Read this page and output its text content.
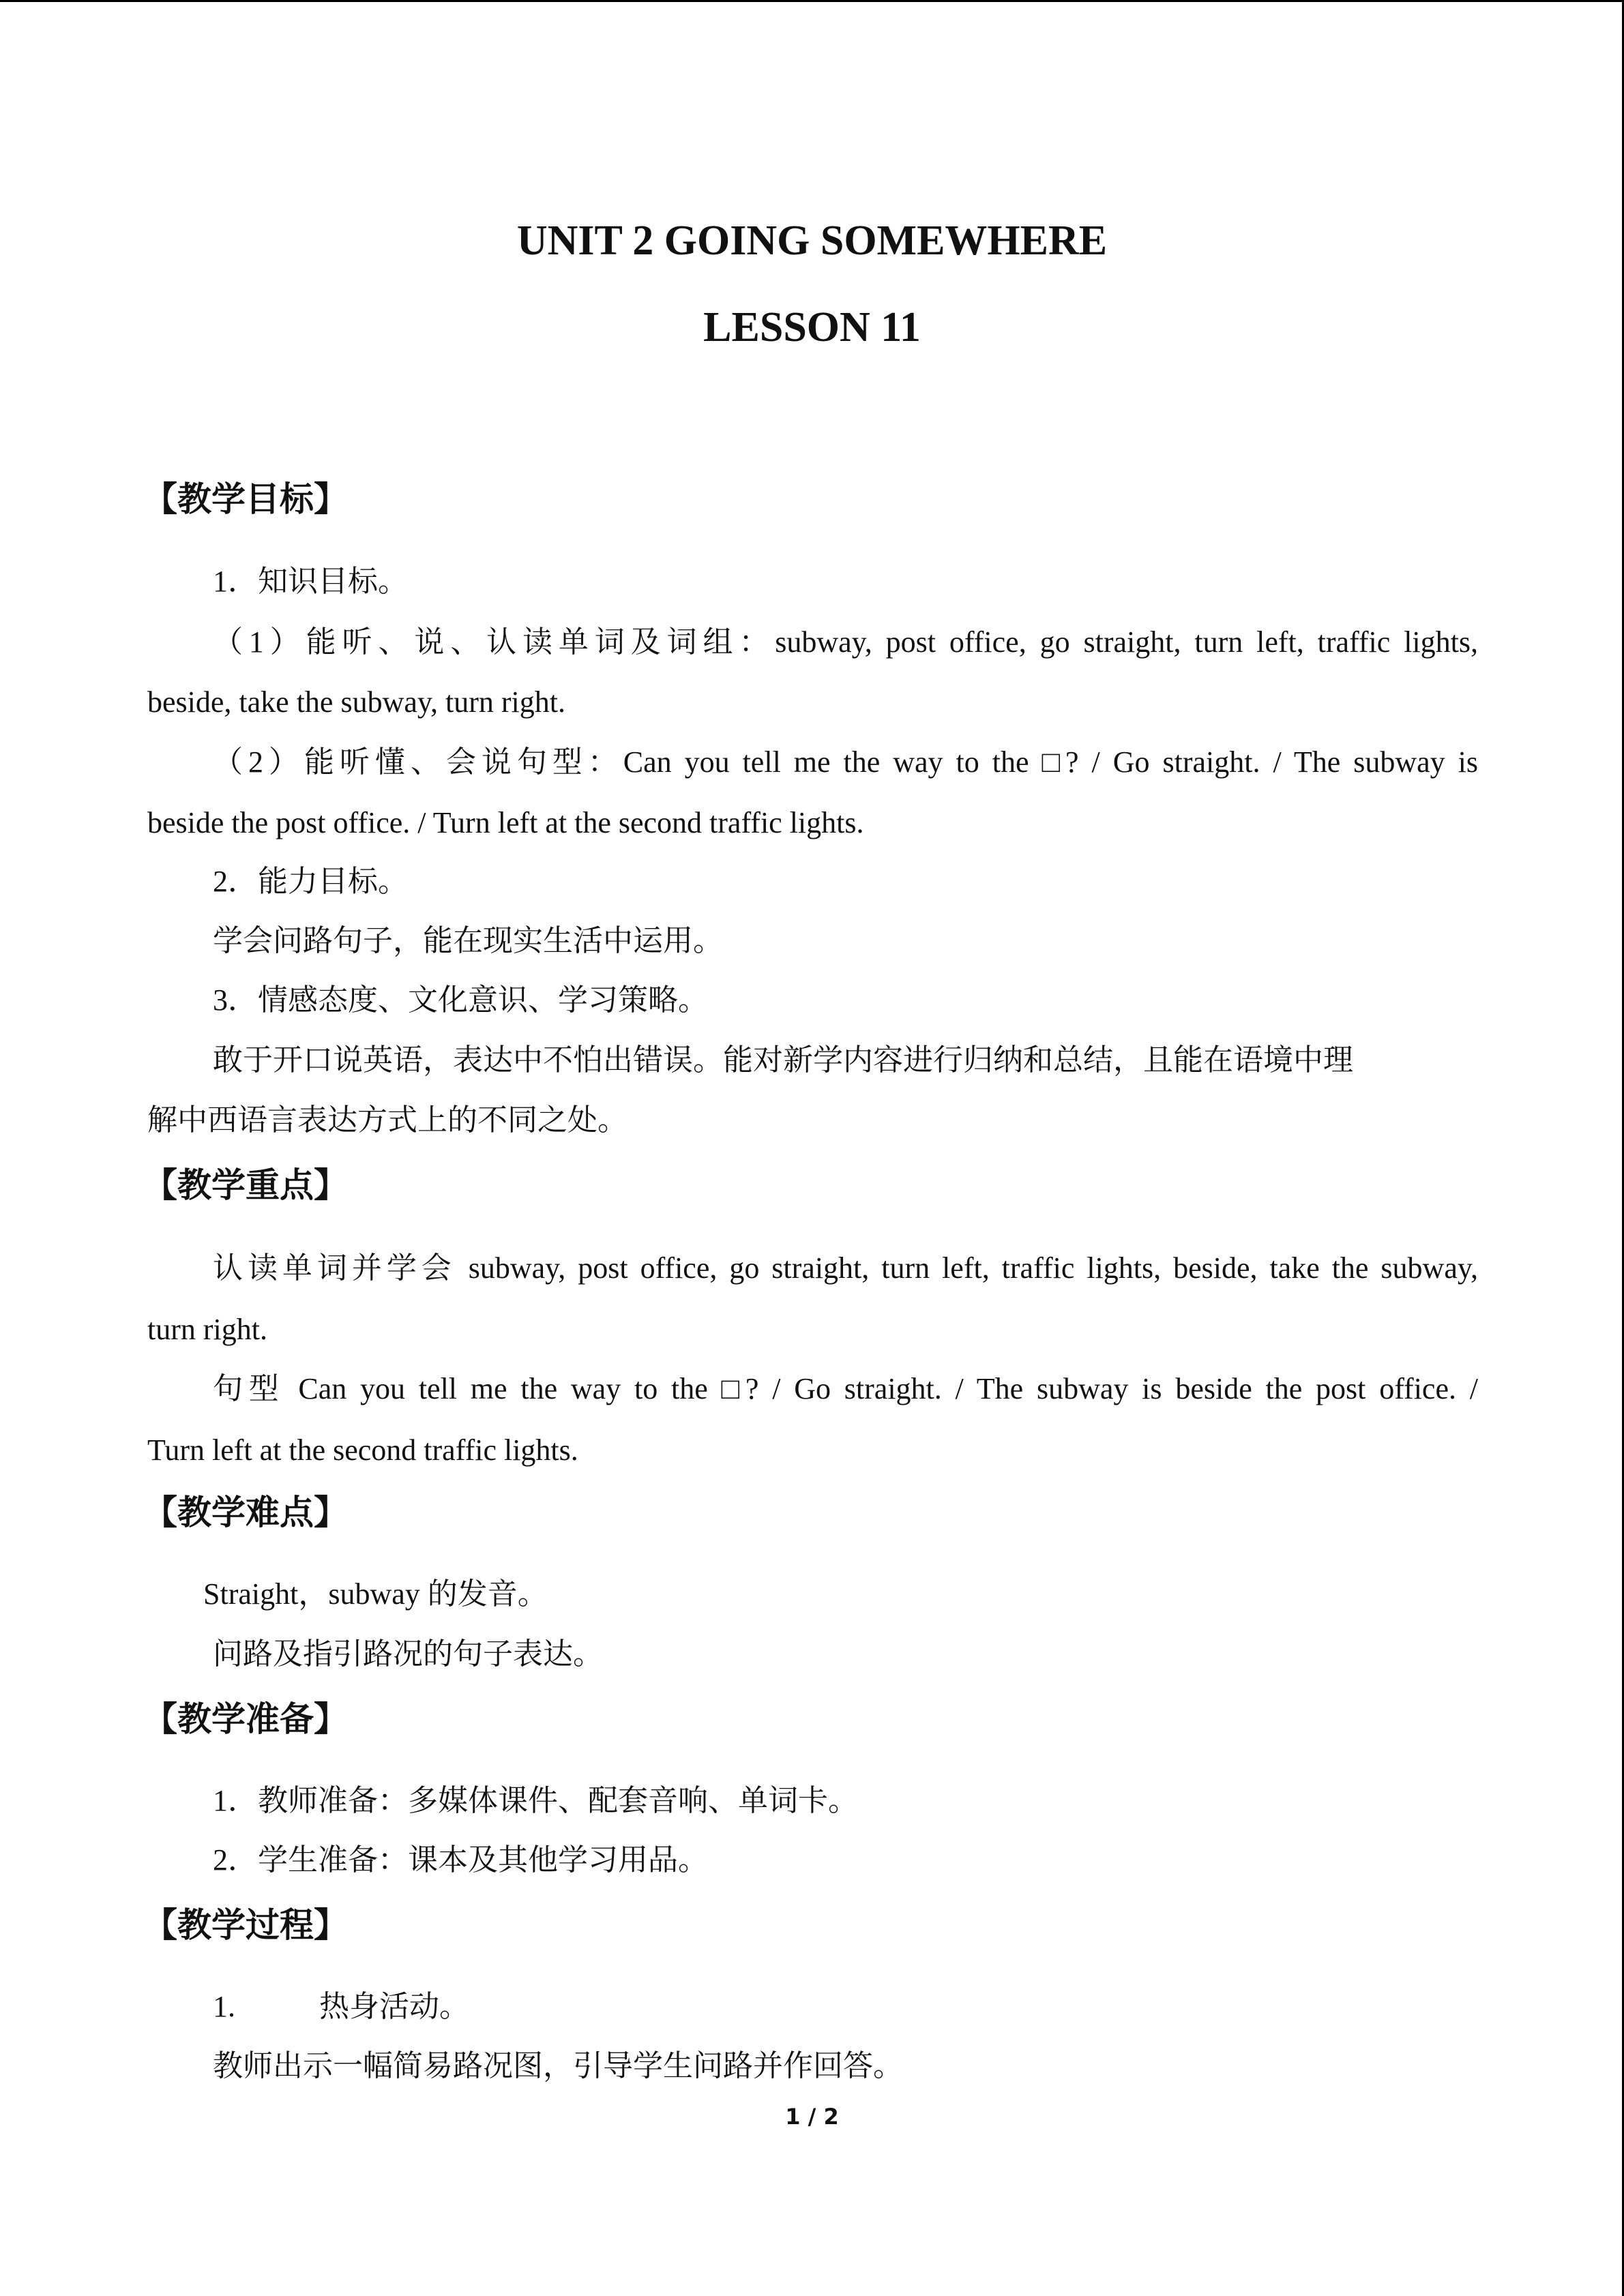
UNIT 2 GOING SOMEWHERE
LESSON 11
【教学目标】
1．知识目标。
（1）能听、说、认读单词及词组：subway, post office, go straight, turn left, traffic lights,
beside, take the subway, turn right.
（2）能听懂、会说句型：Can you tell me the way to the □? / Go straight. / The subway is
beside the post office. / Turn left at the second traffic lights.
2．能力目标。
学会问路句子，能在现实生活中运用。
3．情感态度、文化意识、学习策略。
敢于开口说英语，表达中不怕出错误。能对新学内容进行归纳和总结，且能在语境中理
解中西语言表达方式上的不同之处。
【教学重点】
认读单词并学会 subway, post office, go straight, turn left, traffic lights, beside, take the subway,
turn right.
句型 Can you tell me the way to the □? / Go straight. / The subway is beside the post office. /
Turn left at the second traffic lights.
【教学难点】
Straight，subway 的发音。
问路及指引路况的句子表达。
【教学准备】
1．教师准备：多媒体课件、配套音响、单词卡。
2．学生准备：课本及其他学习用品。
【教学过程】
1.	热身活动。
教师出示一幅简易路况图，引导学生问路并作回答。
1 / 2
